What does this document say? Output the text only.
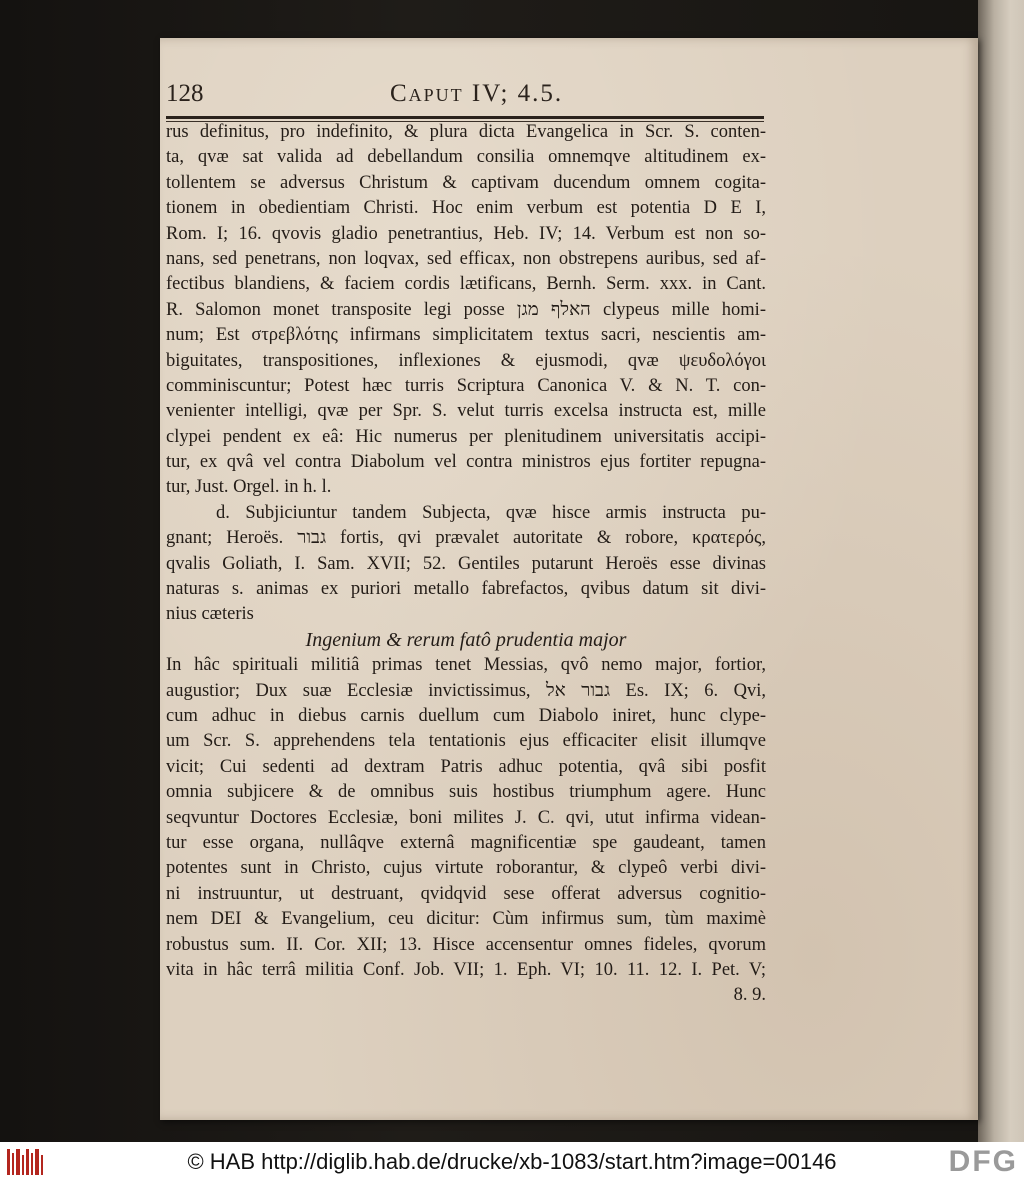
128	Caput IV; 4.5.
rus definitus, pro indefinito, & plura dicta Evangelica in Scr. S. conten-
ta, qvæ sat valida ad debellandum consilia omnemqve altitudinem ex-
tollentem se adversus Christum & captivam ducendum omnem cogita-
tionem in obedientiam Christi. Hoc enim verbum est potentia D E I,
Rom. I; 16. qvovis gladio penetrantius, Heb. IV; 14. Verbum est non so-
nans, sed penetrans, non loqvax, sed efficax, non obstrepens auribus, sed af-
fectibus blandiens, & faciem cordis lætificans, Bernh. Serm. xxx. in Cant.
R. Salomon monet transposite legi posse האלף מגן clypeus mille homi-
num; Est στρεβλότης infirmans simplicitatem textus sacri, nescientis am-
biguitates, transpositiones, inflexiones & ejusmodi, qvæ ψευδολόγοι
comminiscuntur; Potest hæc turris Scriptura Canonica V. & N. T. con-
venienter intelligi, qvæ per Spr. S. velut turris excelsa instructa est, mille
clypei pendent ex eâ: Hic numerus per plenitudinem universitatis accipi-
tur, ex qvâ vel contra Diabolum vel contra ministros ejus fortiter repugna-
tur, Just. Orgel. in h. l.
d. Subjiciuntur tandem Subjecta, qvæ hisce armis instructa pu-
gnant; Heroës. גבור fortis, qvi prævalet autoritate & robore, κρατερός,
qvalis Goliath, I. Sam. XVII; 52. Gentiles putarunt Heroës esse divinas
naturas s. animas ex puriori metallo fabrefactos, qvibus datum sit divi-
nius cæteris
Ingenium & rerum fatô prudentia major
In hâc spirituali militiâ primas tenet Messias, qvô nemo major, fortior,
augustior; Dux suæ Ecclesiæ invictissimus, גבור אל Es. IX; 6. Qvi,
cum adhuc in diebus carnis duellum cum Diabolo iniret, hunc clype-
um Scr. S. apprehendens tela tentationis ejus efficaciter elisit illumqve
vicit; Cui sedenti ad dextram Patris adhuc potentia, qvâ sibi posfit
omnia subjicere & de omnibus suis hostibus triumphum agere. Hunc
seqvuntur Doctores Ecclesiæ, boni milites J. C. qvi, utut infirma videan-
tur esse organa, nullâqve externâ magnificentiæ spe gaudeant, tamen
potentes sunt in Christo, cujus virtute roborantur, & clypeô verbi divi-
ni instruuntur, ut destruant, qvidqvid sese offerat adversus cognitio-
nem DEI & Evangelium, ceu dicitur: Cùm infirmus sum, tùm maximè
robustus sum. II. Cor. XII; 13. Hisce accensentur omnes fideles, qvorum
vita in hâc terrâ militia Conf. Job. VII; 1. Eph. VI; 10. 11. 12. I. Pet. V;
8. 9.
© HAB http://diglib.hab.de/drucke/xb-1083/start.htm?image=00146	DFG
